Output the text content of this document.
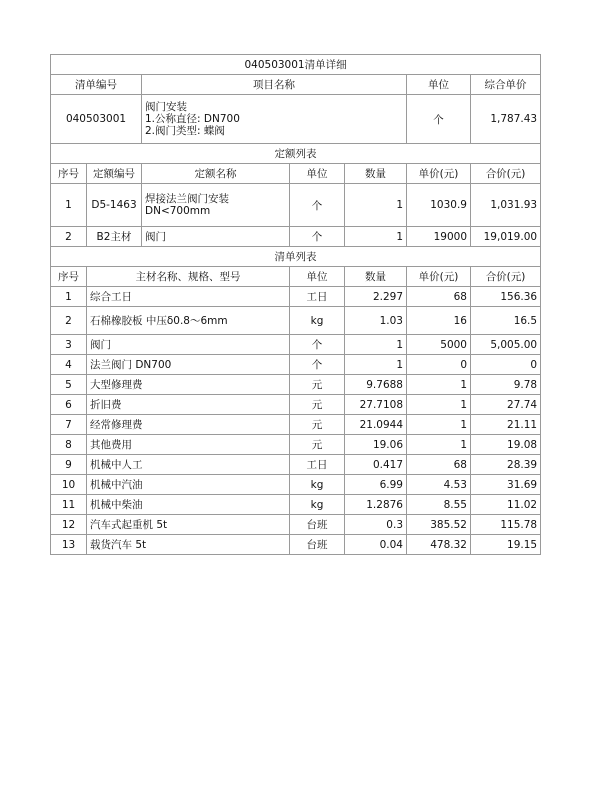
040503001清单详细						
清单编号		项目名称			单位	综合单价
040503001		阀门安装
1.公称直径: DN700
2.阀门类型: 蝶阀			个	1,787.43
定额列表						
序号	定额编号	定额名称	单位	数量	单价(元)	合价(元)
1	D5-1463	焊接法兰阀门安装
DN<700mm	个	1	1030.9	1,031.93
2	B2主材	阀门	个	1	19000	19,019.00
清单列表						
序号	主材名称、规格、型号		单位	数量	单价(元)	合价(元)
1	综合工日		工日	2.297	68	156.36
2	石棉橡胶板 中压δ0.8～6mm		kg	1.03	16	16.5
3	阀门		个	1	5000	5,005.00
4	法兰阀门 DN700		个	1	0	0
5	大型修理费		元	9.7688	1	9.78
6	折旧费		元	27.7108	1	27.74
7	经常修理费		元	21.0944	1	21.11
8	其他费用		元	19.06	1	19.08
9	机械中人工		工日	0.417	68	28.39
10	机械中汽油		kg	6.99	4.53	31.69
11	机械中柴油		kg	1.2876	8.55	11.02
12	汽车式起重机 5t		台班	0.3	385.52	115.78
13	载货汽车 5t		台班	0.04	478.32	19.15
